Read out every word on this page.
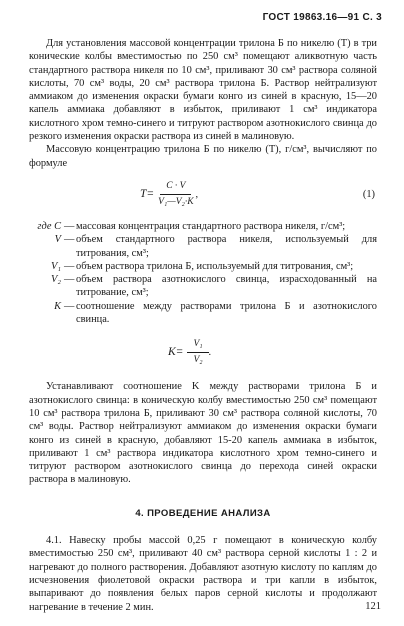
ГОСТ 19863.16—91 С. 3

Для установления массовой концентрации трилона Б по никелю (T) в три конические колбы вместимостью по 250 см³ помещают аликвотную часть стандартного раствора никеля по 10 см³, приливают 30 см³ раствора соляной кислоты, 70 см³ воды, 20 см³ раствора трилона Б. Раствор нейтрализуют аммиаком до изменения окраски бумаги конго из синей в красную, 15—20 капель аммиака добавляют в избыток, приливают 1 см³ индикатора кислотного хром темно-синего и титруют раствором азотнокислого свинца до резкого изменения окраски раствора из синей в малиновую.

Массовую концентрацию трилона Б по никелю (T), г/см³, вычисляют по формуле

$T= \frac{C \cdot V}{\text{V₁—V₂·K}}$ ,	(1)
где C — массовая концентрация стандартного раствора никеля, г/см³;
V — объем стандартного раствора никеля, используемый для титрования, см³;
V₁ — объем раствора трилона Б, используемый для титрования, см³;
V₂ — объем раствора азотнокислого свинца, израсходованный на титрование, см³;
K — соотношение между растворами трилона Б и азотнокислого свинца.
$K= \frac{\text{V₁}}{\text{V₂}}$ .

Устанавливают соотношение K между растворами трилона Б и азотнокислого свинца: в коническую колбу вместимостью 250 см³ помещают 10 см³ раствора трилона Б, приливают 30 см³ раствора соляной кислоты, 70 см³ воды. Раствор нейтрализуют аммиаком до изменения окраски бумаги конго из синей в красную, добавляют 15-20 капель аммиака в избыток, приливают 1 см³ раствора индикатора кислотного хром темно-синего и титруют раствором азотнокислого свинца до перехода синей окраски раствора в малиновую.

4. ПРОВЕДЕНИЕ АНАЛИЗА

4.1. Навеску пробы массой 0,25 г помещают в коническую колбу вместимостью 250 см³, приливают 40 см³ раствора серной кислоты 1 : 2 и нагревают до полного растворения. Добавляют азотную кислоту по каплям до исчезновения фиолетовой окраски раствора и три капли в избыток, выпаривают до появления белых паров серной кислоты и продолжают нагревание в течение 2 мин.	121
